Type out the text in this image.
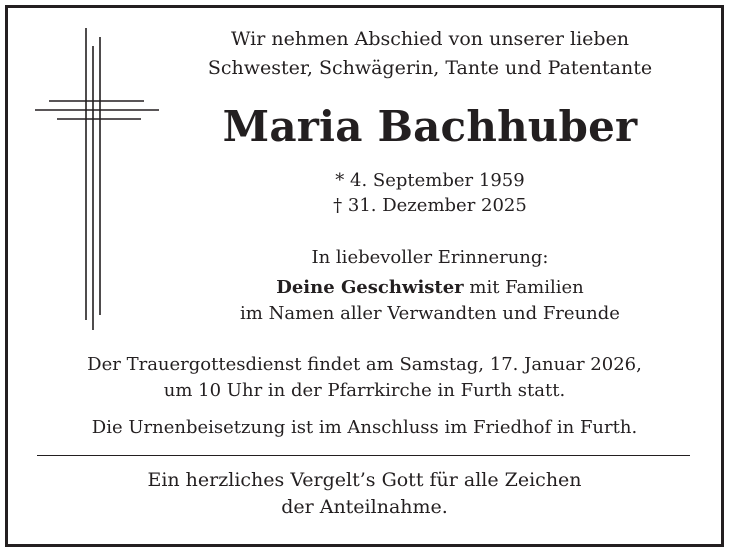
Wir nehmen Abschied von unserer lieben
Schwester, Schwägerin, Tante und Patentante
Maria Bachhuber
* 4. September 1959
† 31. Dezember 2025
In liebevoller Erinnerung:
Deine Geschwister mit Familien
im Namen aller Verwandten und Freunde
Der Trauergottesdienst findet am Samstag, 17. Januar 2026,
um 10 Uhr in der Pfarrkirche in Furth statt.
Die Urnenbeisetzung ist im Anschluss im Friedhof in Furth.
Ein herzliches Vergelt’s Gott für alle Zeichen
der Anteilnahme.
